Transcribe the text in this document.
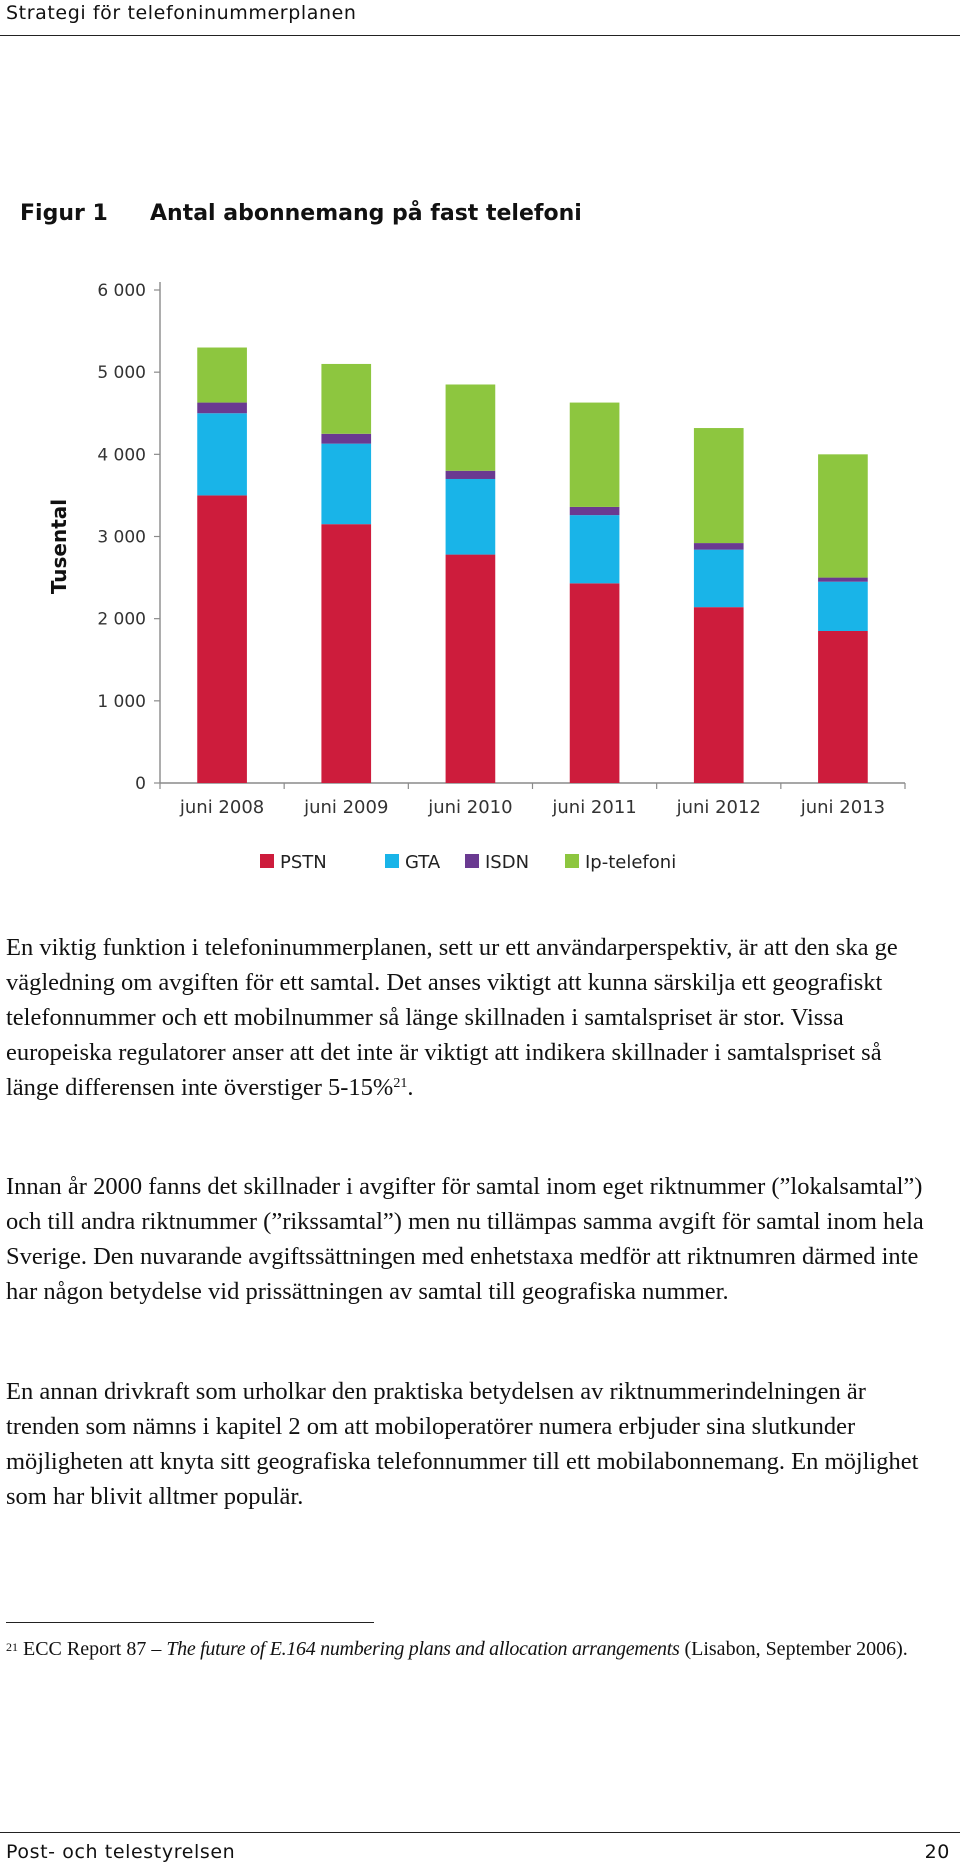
Strategi för telefoninummerplanen
Figur 1 Antal abonnemang på fast telefoni
0
1 000
2 000
3 000
4 000
5 000
6 000
Tusental
juni 2008 juni 2009 juni 2010 juni 2011 juni 2012 juni 2013
PSTN	GTA ISDN	Ip-telefoni

En viktig funktion i telefoninummerplanen, sett ur ett användarperspektiv, är att den ska ge vägledning om avgiften för ett samtal. Det anses viktigt att kunna särskilja ett geografiskt telefonnummer och ett mobilnummer så länge skillnaden i samtalspriset är stor. Vissa europeiska regulatorer anser att det inte är viktigt att indikera skillnader i samtalspriset så länge differensen inte överstiger 5-15%$^{21}$.

Innan år 2000 fanns det skillnader i avgifter för samtal inom eget riktnummer (”lokalsamtal”) och till andra riktnummer (”rikssamtal”) men nu tillämpas samma avgift för samtal inom hela Sverige. Den nuvarande avgiftssättningen med enhetstaxa medför att riktnumren därmed inte har någon betydelse vid prissättningen av samtal till geografiska nummer.

En annan drivkraft som urholkar den praktiska betydelsen av riktnummerindelningen är trenden som nämns i kapitel 2 om att mobiloperatörer numera erbjuder sina slutkunder möjligheten att knyta sitt geografiska telefonnummer till ett mobilabonnemang. En möjlighet som har blivit alltmer populär.

$^{21}$ ECC Report 87 – The future of E.164 numbering plans and allocation arrangements (Lisabon, September 2006).
Post- och telestyrelsen	20
